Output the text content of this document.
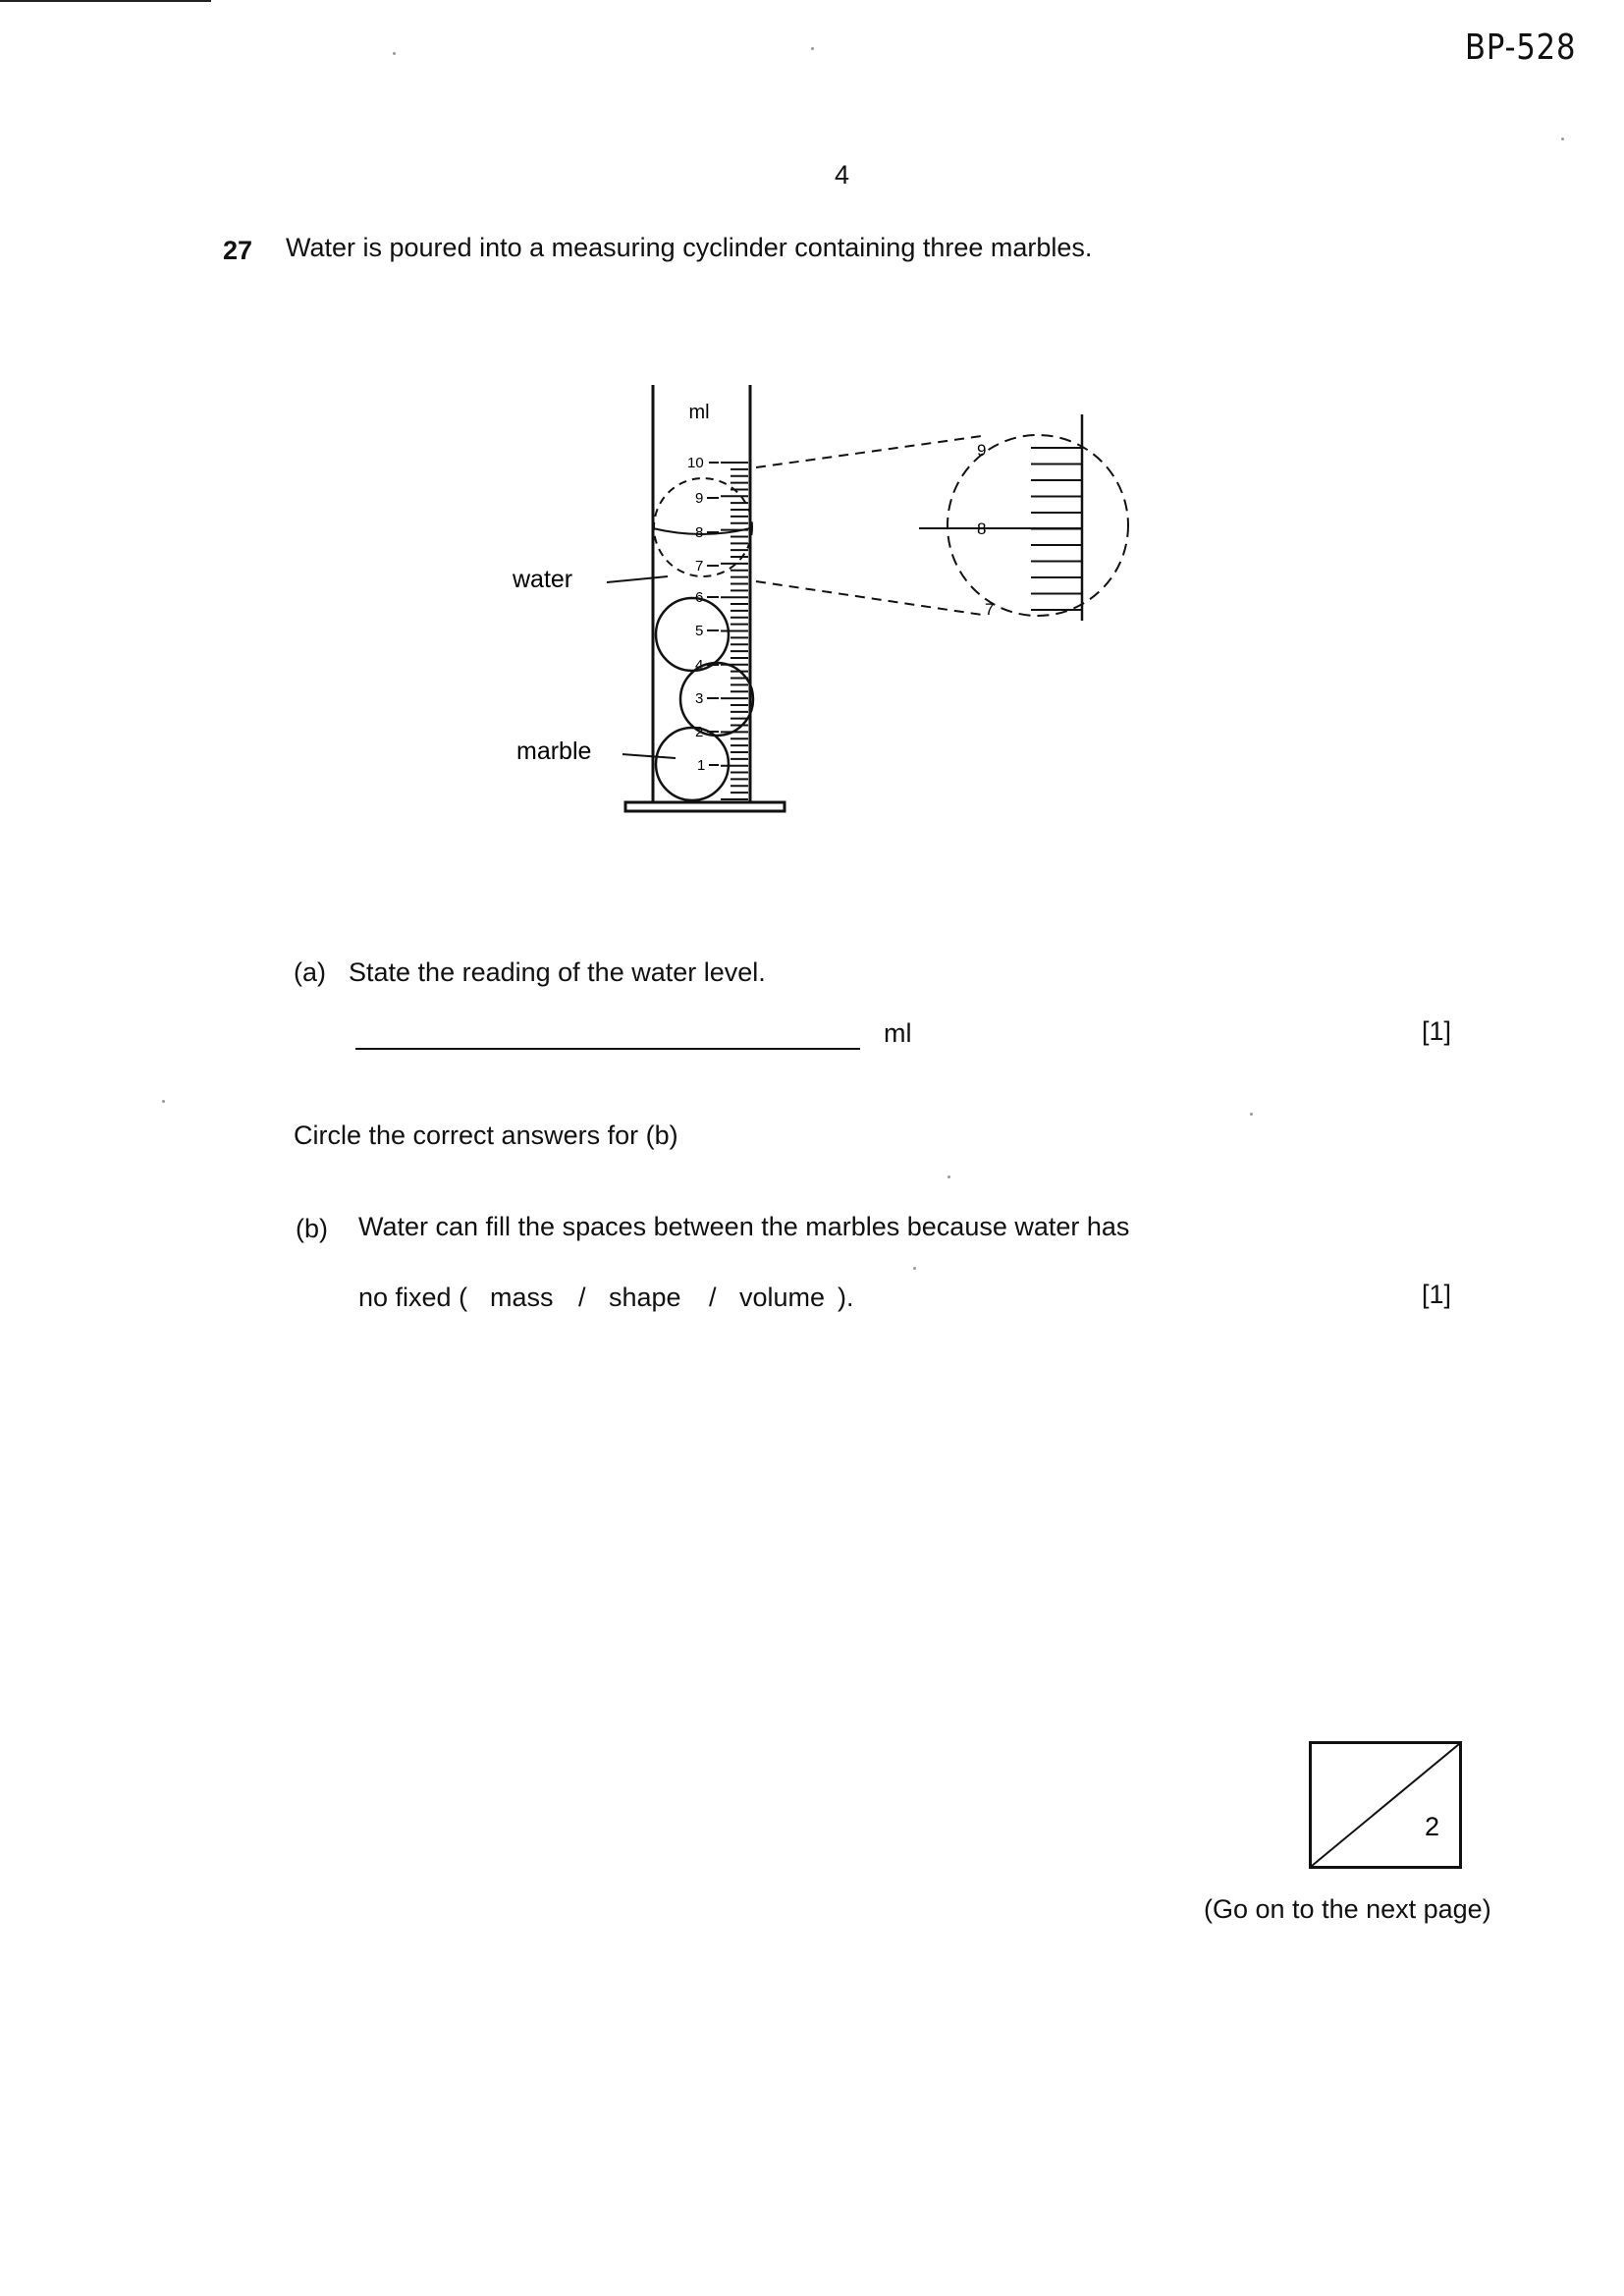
BP-528
4
27 Water is poured into a measuring cyclinder containing three marbles.
ml
10
9
8
7
6
5
4
3
2
1
9
8
7
water
marble
(a) State the reading of the water level.
ml	[1]
Circle the correct answers for (b)
(b) Water can fill the spaces between the marbles because water has
no fixed ( mass / shape / volume ).	[1]
2
(Go on to the next page)
